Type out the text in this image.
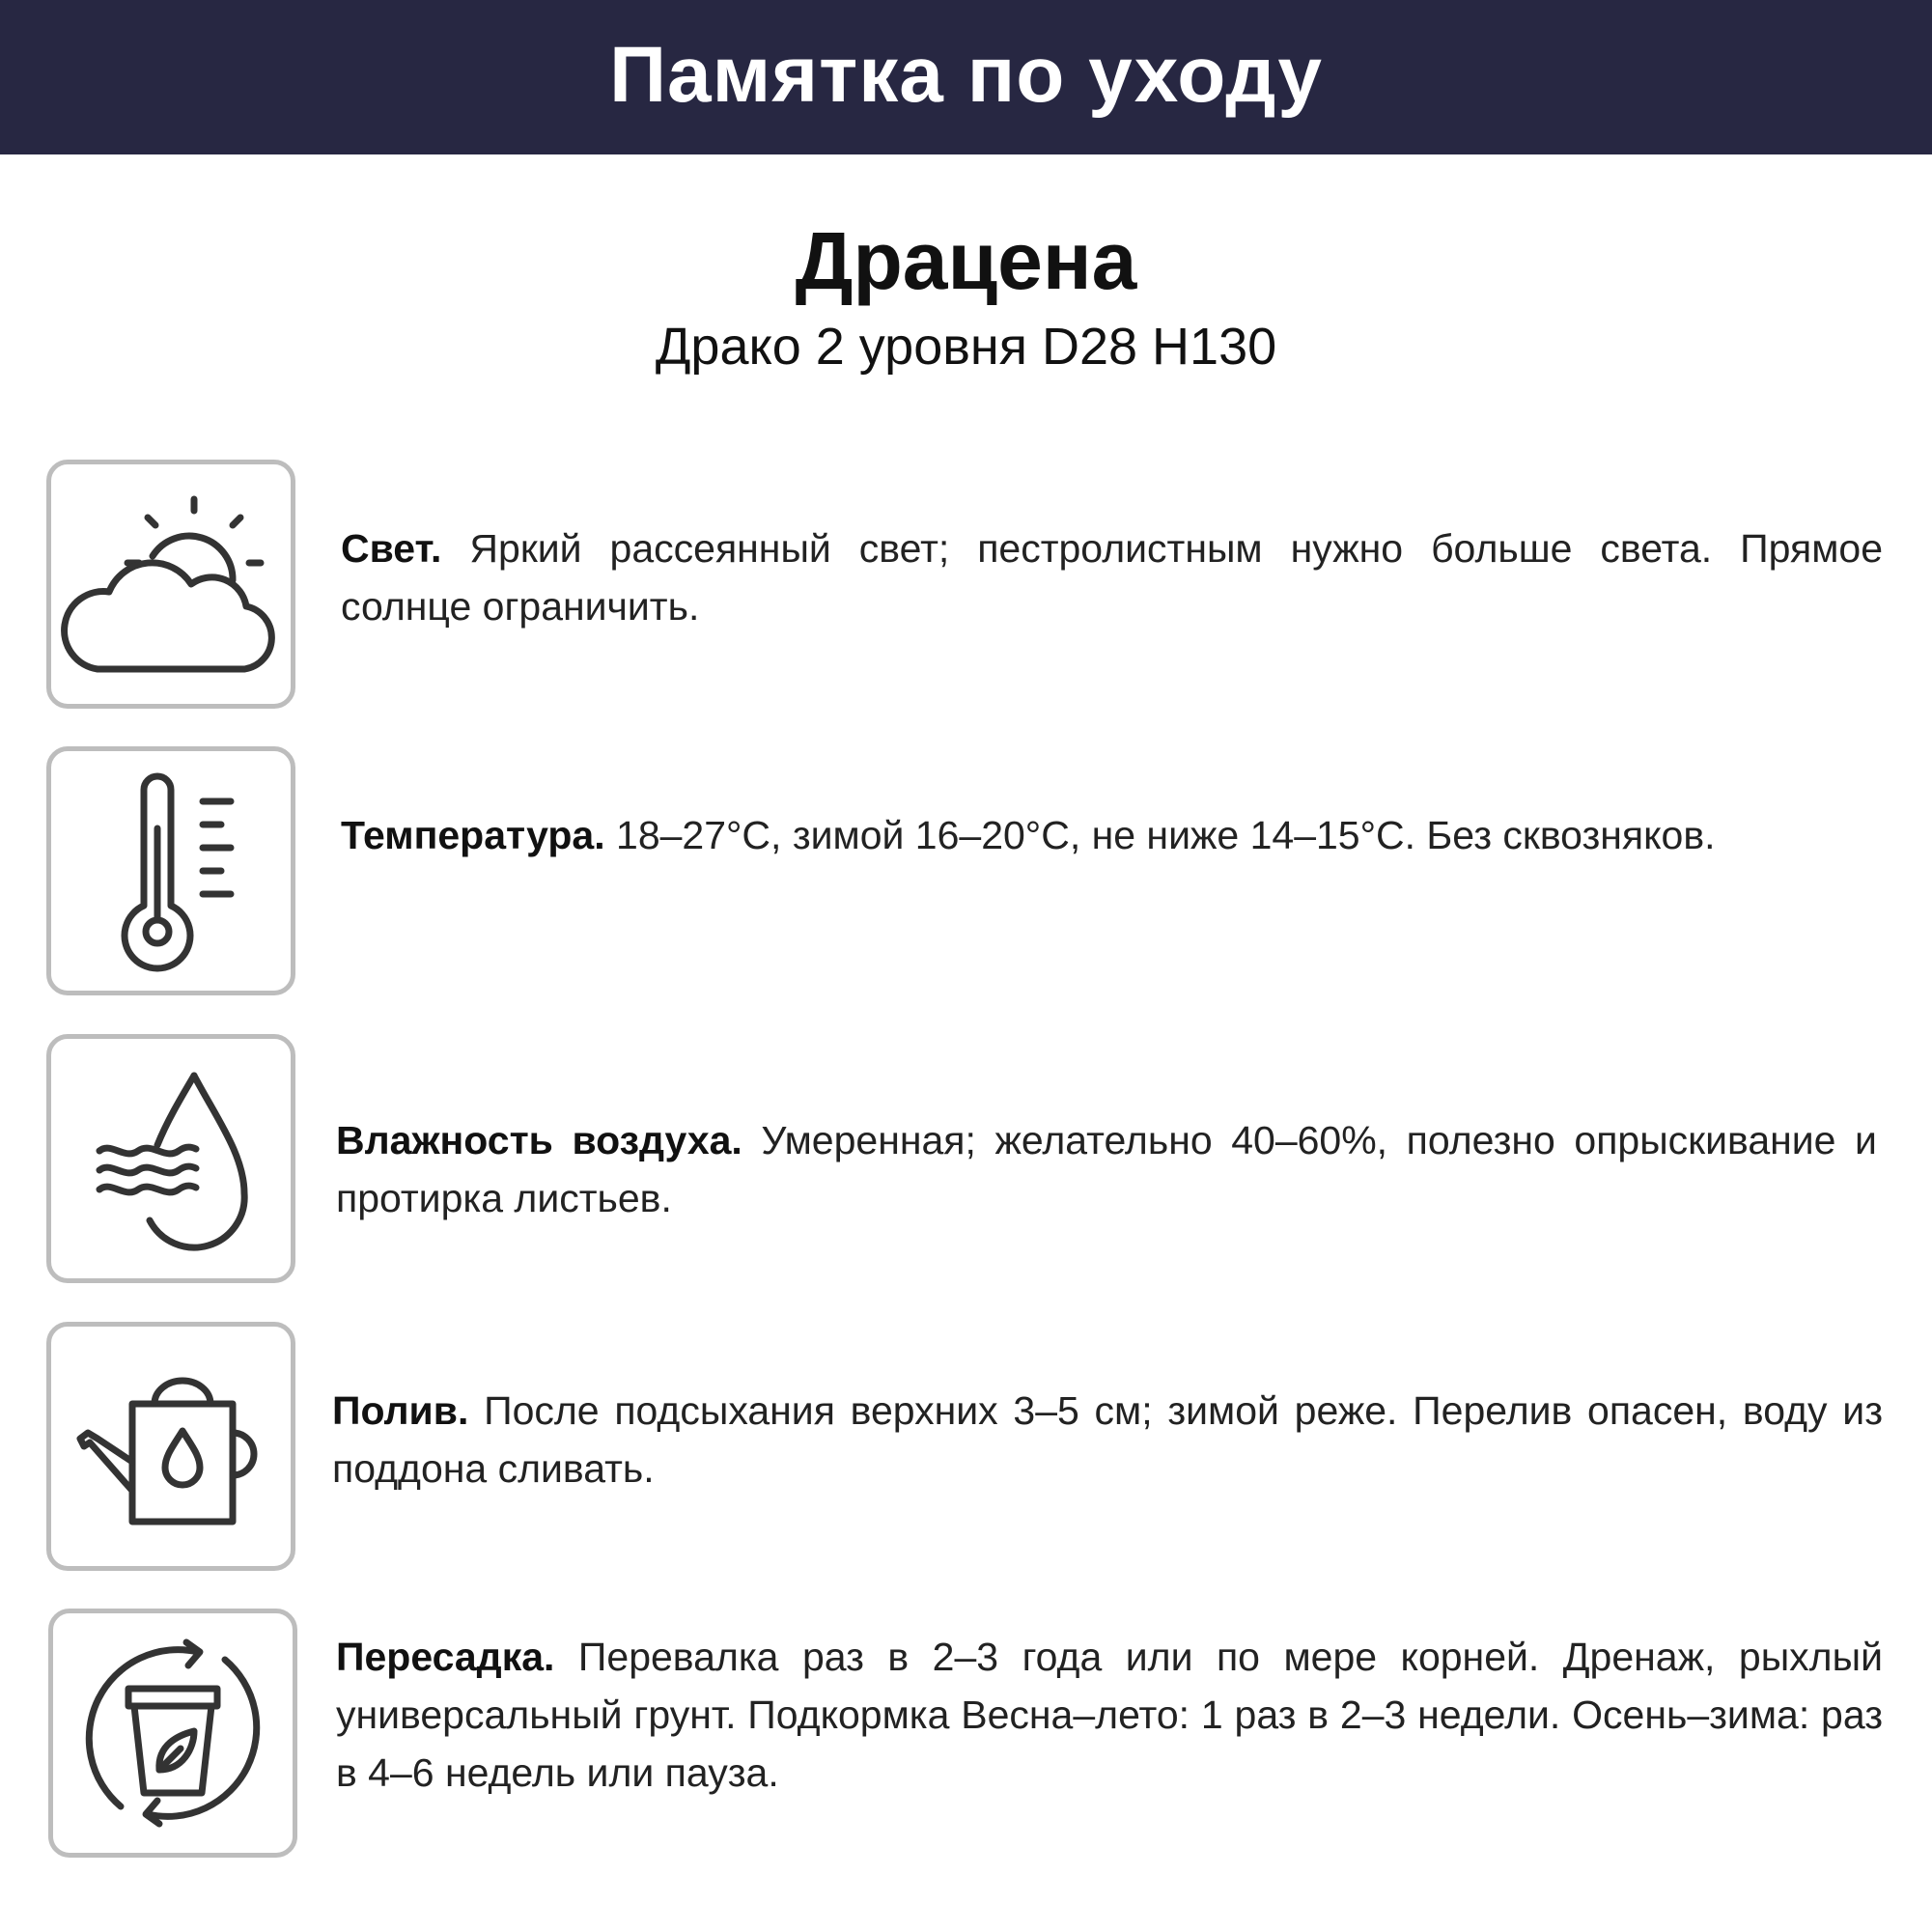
Памятка по уходу
Драцена
Драко 2 уровня D28 H130
Свет. Яркий рассеянный свет; пестролистным нужно больше света. Прямое солнце ограничить.
Температура. 18–27°C, зимой 16–20°C, не ниже 14–15°C. Без сквозняков.
Влажность воздуха. Умеренная; желательно 40–60%, полезно опрыскивание и протирка листьев.
Полив. После подсыхания верхних 3–5 см; зимой реже. Перелив опасен, воду из поддона сливать.
Пересадка. Перевалка раз в 2–3 года или по мере корней. Дренаж, рыхлый универсальный грунт. Подкормка Весна–лето: 1 раз в 2–3 недели. Осень–зима: раз в 4–6 недель или пауза.
